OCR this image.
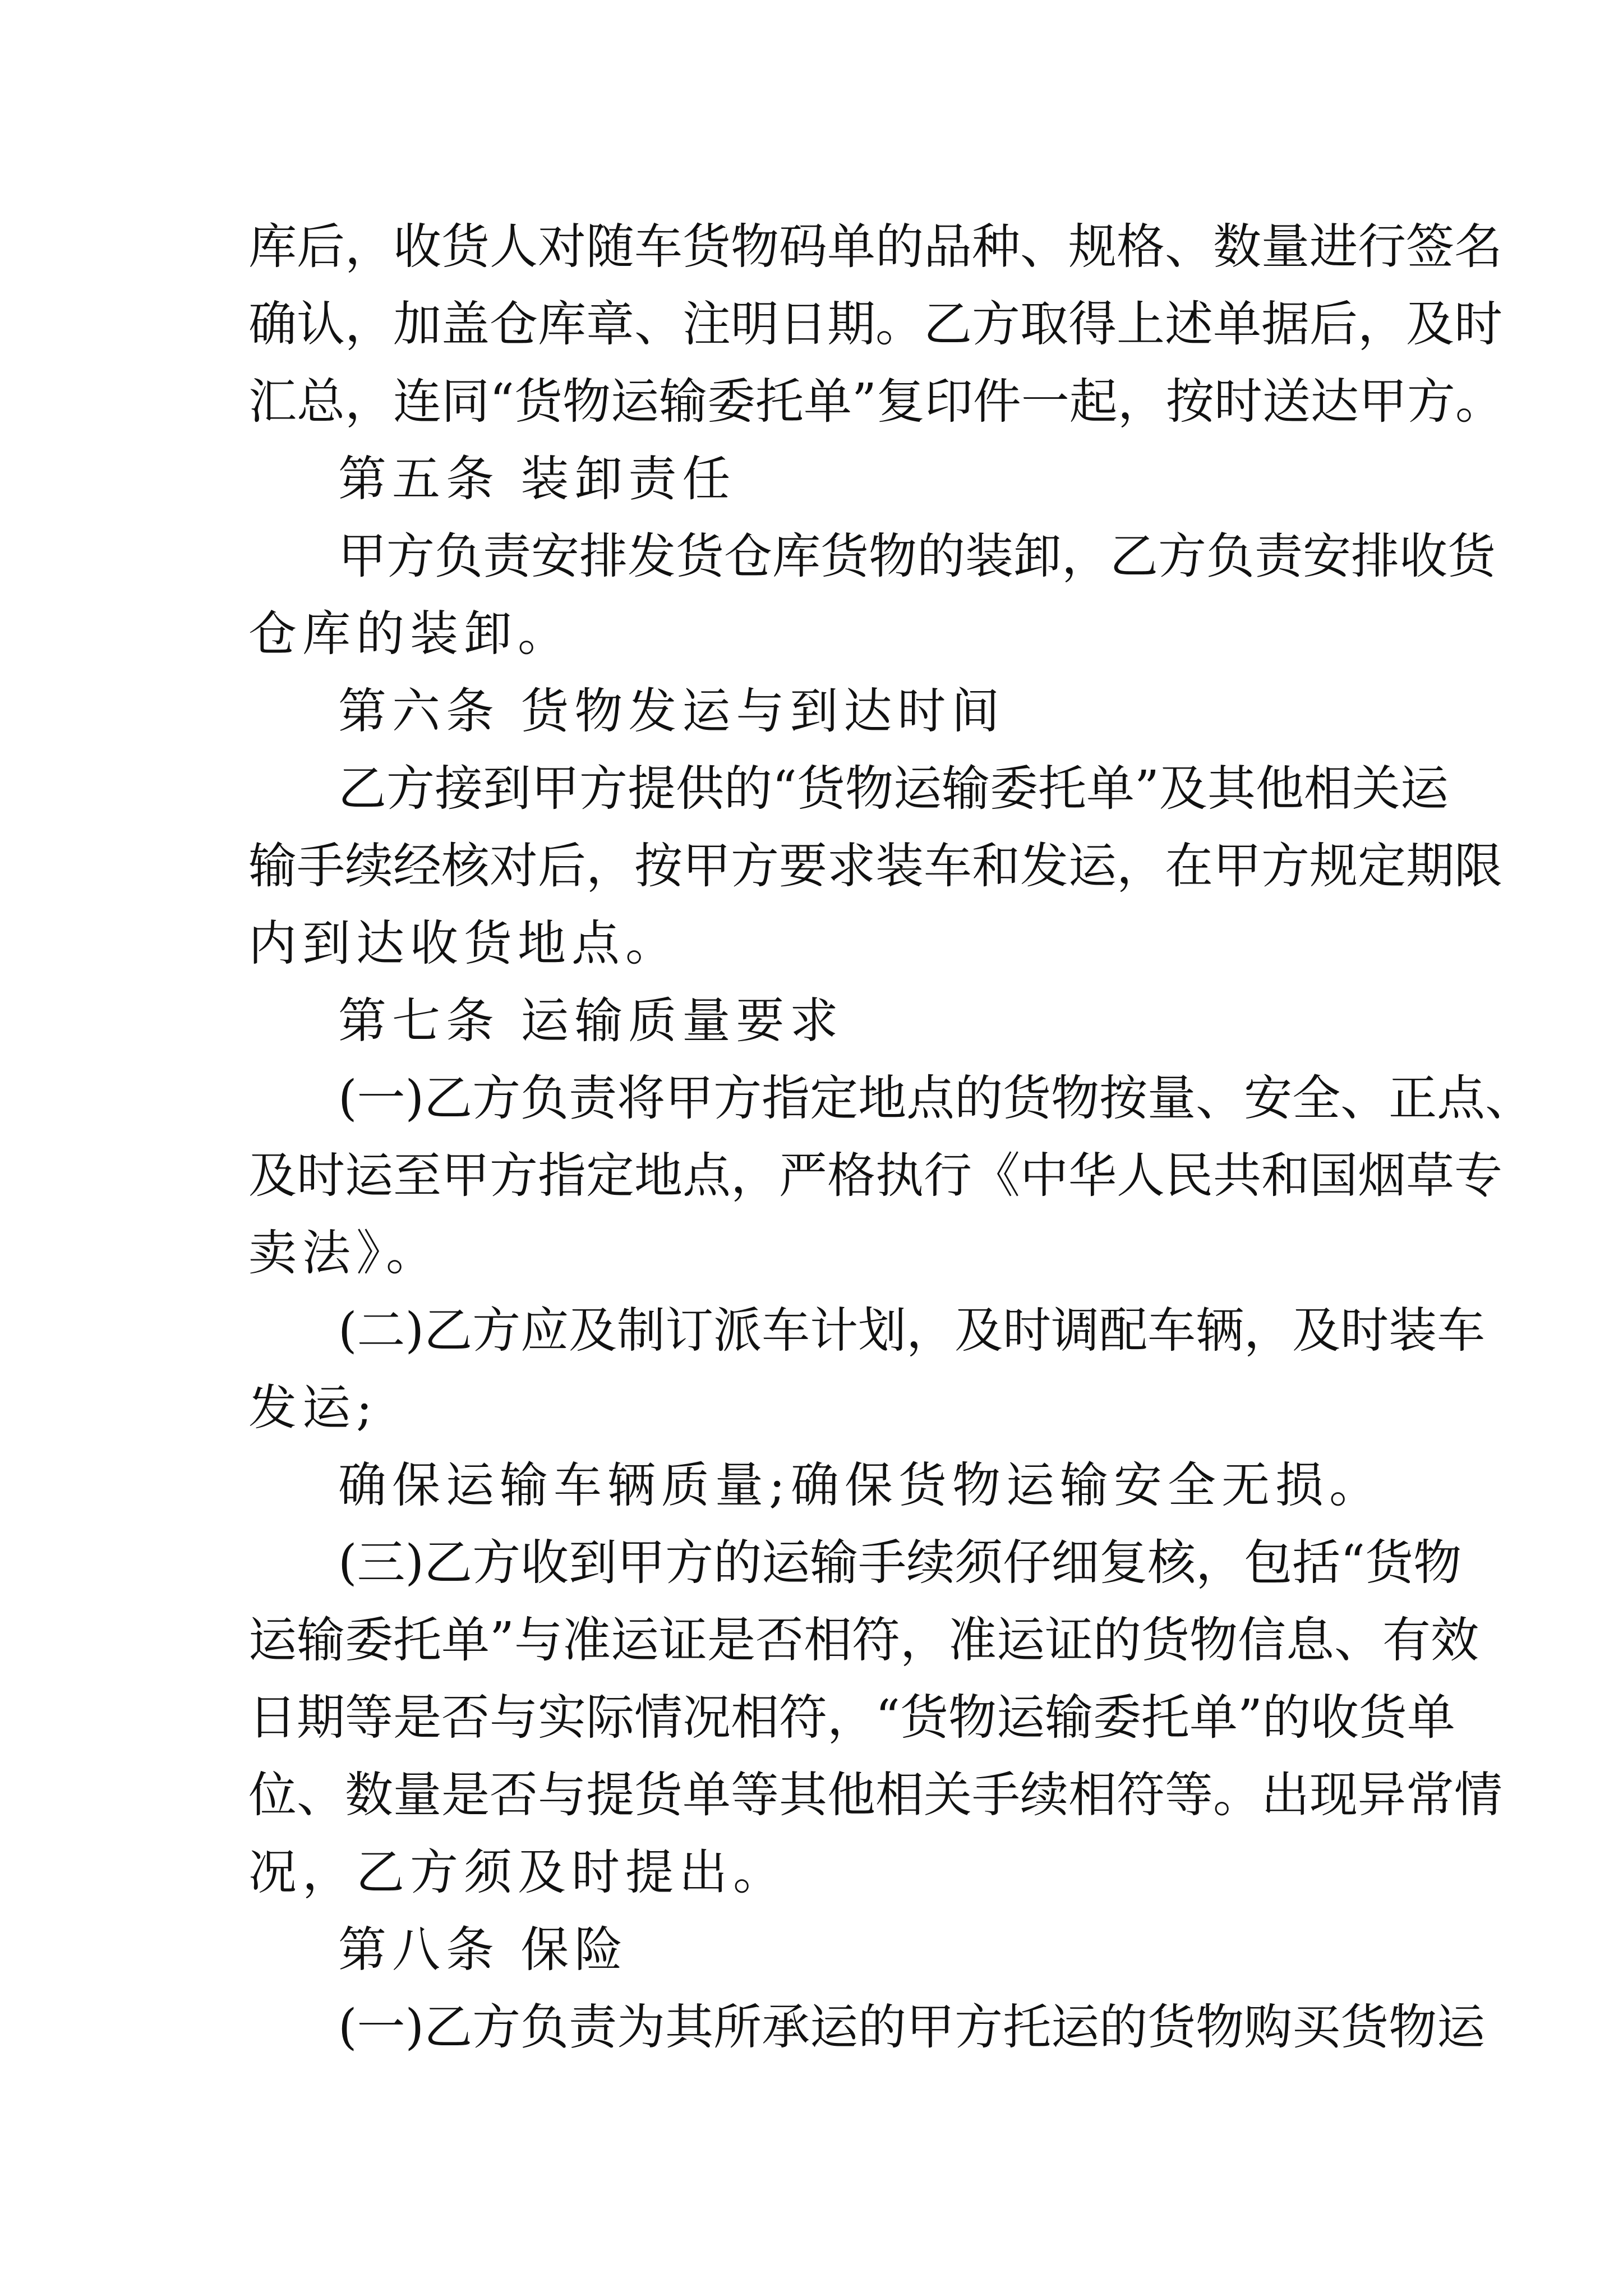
库后，收货人对随车货物码单的品种、规格、数量进行签名
确认，加盖仓库章、注明日期。乙方取得上述单据后，及时
汇总，连同“货物运输委托单”复印件一起，按时送达甲方。
第五条 装卸责任
甲方负责安排发货仓库货物的装卸，乙方负责安排收货
仓库的装卸。
第六条 货物发运与到达时间
乙方接到甲方提供的“货物运输委托单”及其他相关运
输手续经核对后，按甲方要求装车和发运，在甲方规定期限
内到达收货地点。
第七条 运输质量要求
(一)乙方负责将甲方指定地点的货物按量、安全、正点、
及时运至甲方指定地点，严格执行《中华人民共和国烟草专
卖法》。
(二)乙方应及制订派车计划，及时调配车辆，及时装车
发运;
确保运输车辆质量;确保货物运输安全无损。
(三)乙方收到甲方的运输手续须仔细复核，包括“货物
运输委托单”与准运证是否相符，准运证的货物信息、有效
日期等是否与实际情况相符，“货物运输委托单”的收货单
位、数量是否与提货单等其他相关手续相符等。出现异常情
况，乙方须及时提出。
第八条 保险
(一)乙方负责为其所承运的甲方托运的货物购买货物运
